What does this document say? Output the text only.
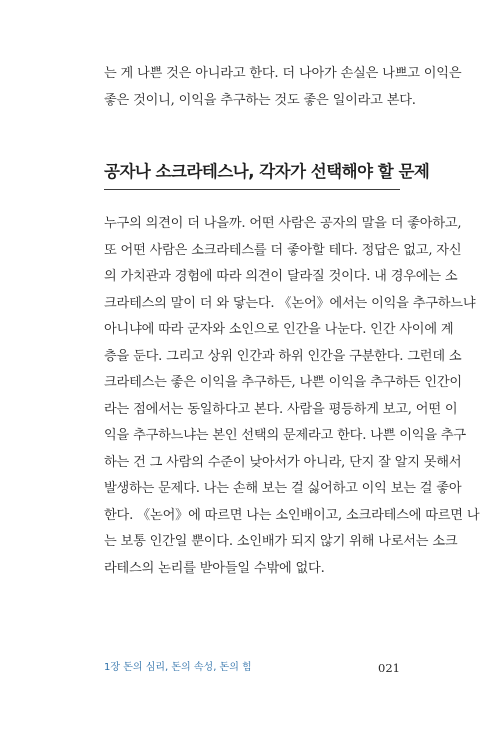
는 게 나쁜 것은 아니라고 한다. 더 나아가 손실은 나쁘고 이익은
좋은 것이니, 이익을 추구하는 것도 좋은 일이라고 본다.
공자나 소크라테스나, 각자가 선택해야 할 문제
누구의 의견이 더 나을까. 어떤 사람은 공자의 말을 더 좋아하고,
또 어떤 사람은 소크라테스를 더 좋아할 테다. 정답은 없고, 자신
의 가치관과 경험에 따라 의견이 달라질 것이다. 내 경우에는 소
크라테스의 말이 더 와 닿는다. 《논어》에서는 이익을 추구하느냐
아니냐에 따라 군자와 소인으로 인간을 나눈다. 인간 사이에 계
층을 둔다. 그리고 상위 인간과 하위 인간을 구분한다. 그런데 소
크라테스는 좋은 이익을 추구하든, 나쁜 이익을 추구하든 인간이
라는 점에서는 동일하다고 본다. 사람을 평등하게 보고, 어떤 이
익을 추구하느냐는 본인 선택의 문제라고 한다. 나쁜 이익을 추구
하는 건 그 사람의 수준이 낮아서가 아니라, 단지 잘 알지 못해서
발생하는 문제다. 나는 손해 보는 걸 싫어하고 이익 보는 걸 좋아
한다. 《논어》에 따르면 나는 소인배이고, 소크라테스에 따르면 나
는 보통 인간일 뿐이다. 소인배가 되지 않기 위해 나로서는 소크
라테스의 논리를 받아들일 수밖에 없다.
1장 돈의 심리, 돈의 속성, 돈의 힘	021
